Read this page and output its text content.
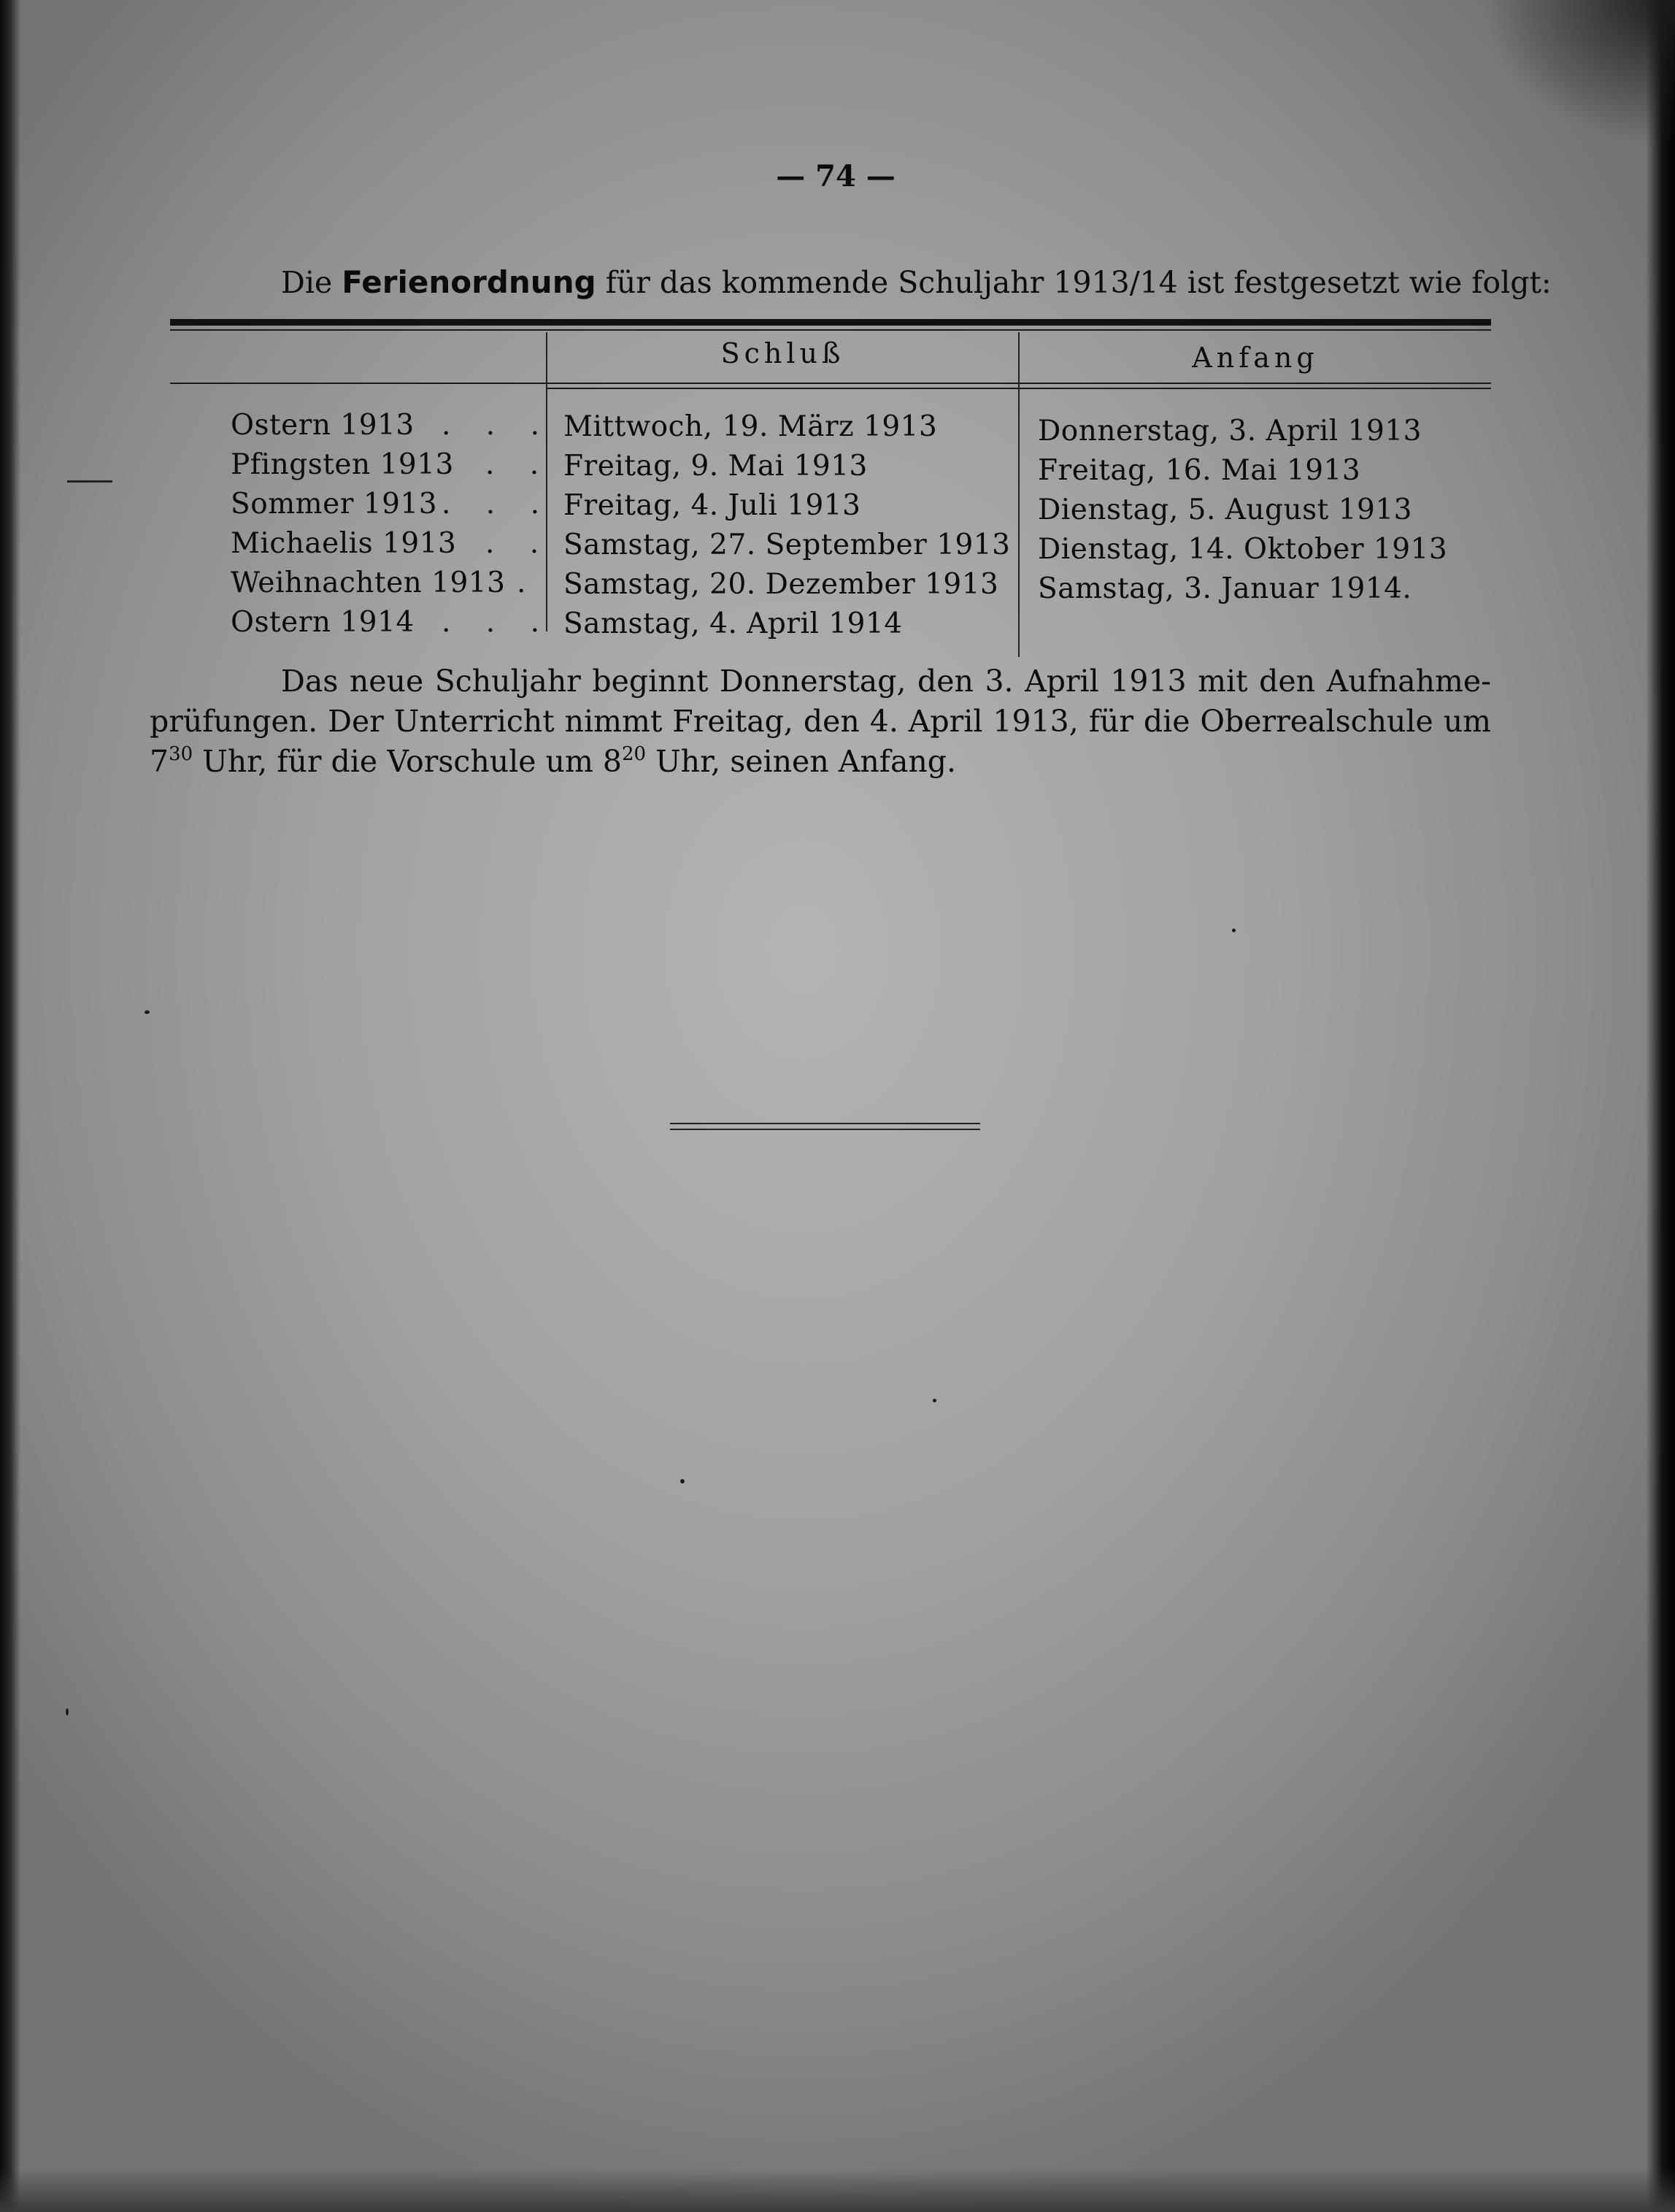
— 74 —
Die Ferienordnung für das kommende Schuljahr 1913/14 ist festgesetzt wie folgt:
Schluß	Anfang
Ostern 1913 . . . Mittwoch, 19. März 1913	Donnerstag, 3. April 1913
Pfingsten 1913 . . Freitag, 9. Mai 1913	Freitag, 16. Mai 1913
Sommer 1913 . . . Freitag, 4. Juli 1913	Dienstag, 5. August 1913
Michaelis 1913 . . Samstag, 27. September 1913 Dienstag, 14. Oktober 1913
Weihnachten 1913 . Samstag, 20. Dezember 1913 Samstag, 3. Januar 1914.
Ostern 1914 . . . Samstag, 4. April 1914
Das neue Schuljahr beginnt Donnerstag, den 3. April 1913 mit den Aufnahme-
prüfungen. Der Unterricht nimmt Freitag, den 4. April 1913, für die Oberrealschule um
$7^{30}$ Uhr, für die Vorschule um $8^{20}$ Uhr, seinen Anfang.
